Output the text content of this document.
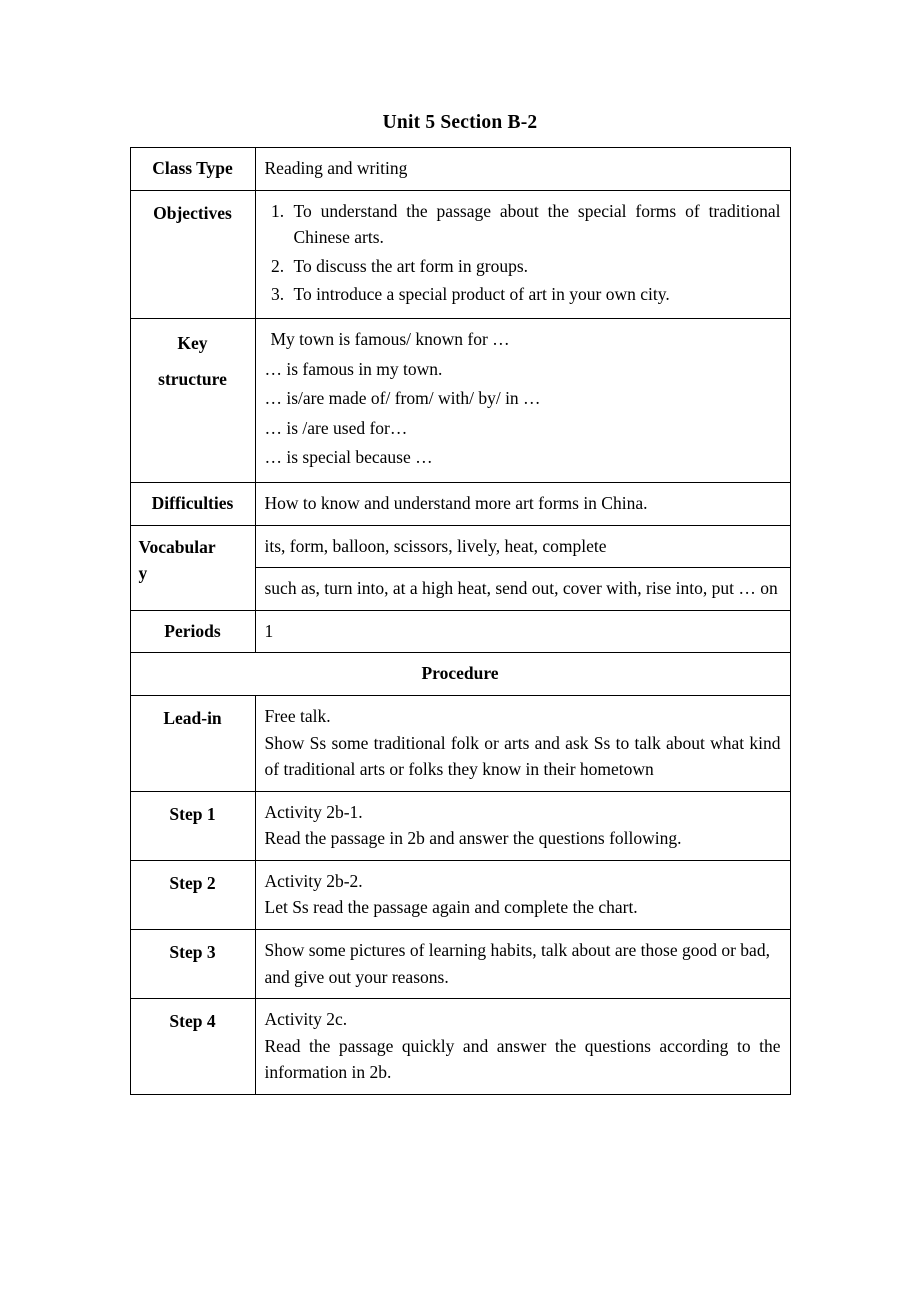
Unit 5 Section B-2
Class Type	Reading and writing
Objectives	
1.To understand the passage about the special forms of traditional Chinese arts.
2. To discuss the art form in groups.
3. To introduce a special product of art in your own city.

Key
structure	My town is famous/ known for …
… is famous in my town.
… is/are made of/ from/ with/ by/ in …
… is /are used for…
… is special because …

Difficulties	How to know and understand more art forms in China.

Vocabular
y	its, form, balloon, scissors, lively, heat, complete
	such as, turn into, at a high heat, send out, cover with, rise into, put … on
Periods	1
Procedure	
Lead-in	Free talk.
Show Ss some traditional folk or arts and ask Ss to talk about what kind of traditional arts or folks they know in their hometown

Step 1	Activity 2b-1.
Read the passage in 2b and answer the questions following.

Step 2	Activity 2b-2.
Let Ss read the passage again and complete the chart.

Step 3	Show some pictures of learning habits, talk about are those good or bad, and give out your reasons.
Step 4	Activity 2c.
Read the passage quickly and answer the questions according to the information in 2b.
